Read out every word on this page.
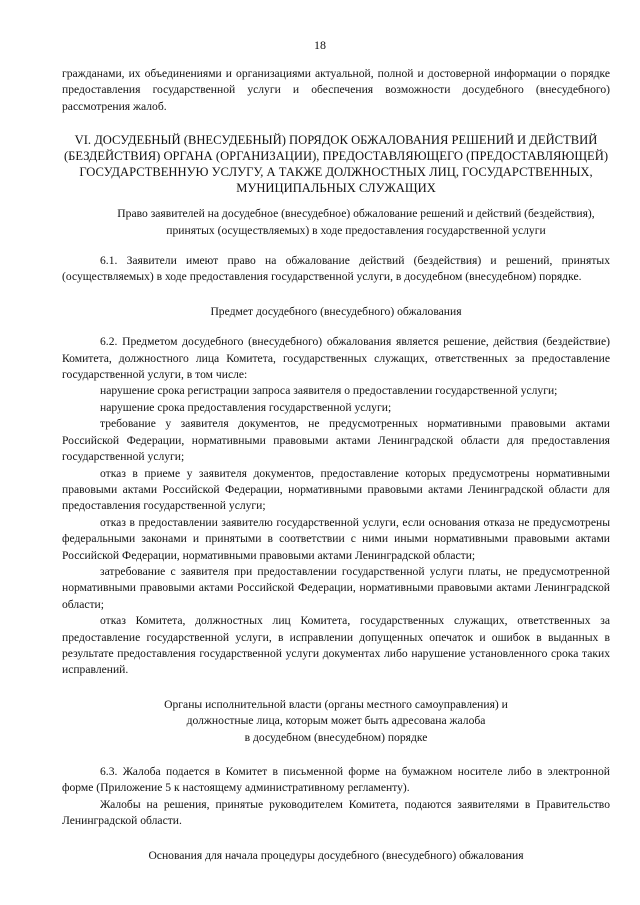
18

гражданами, их объединениями и организациями актуальной, полной и достоверной информации о порядке предоставления государственной услуги и обеспечения возможности досудебного (внесудебного) рассмотрения жалоб.

VI. ДОСУДЕБНЫЙ (ВНЕСУДЕБНЫЙ) ПОРЯДОК ОБЖАЛОВАНИЯ РЕШЕНИЙ И ДЕЙСТВИЙ (БЕЗДЕЙСТВИЯ) ОРГАНА (ОРГАНИЗАЦИИ), ПРЕДОСТАВЛЯЮЩЕГО (ПРЕДОСТАВЛЯЮЩЕЙ) ГОСУДАРСТВЕННУЮ УСЛУГУ, А ТАКЖЕ ДОЛЖНОСТНЫХ ЛИЦ, ГОСУДАРСТВЕННЫХ, МУНИЦИПАЛЬНЫХ СЛУЖАЩИХ

Право заявителей на досудебное (внесудебное) обжалование решений и действий (бездействия), принятых (осуществляемых) в ходе предоставления государственной услуги

6.1. Заявители имеют право на обжалование действий (бездействия) и решений, принятых (осуществляемых) в ходе предоставления государственной услуги, в досудебном (внесудебном) порядке.

Предмет досудебного (внесудебного) обжалования

6.2. Предметом досудебного (внесудебного) обжалования является решение, действия (бездействие) Комитета, должностного лица Комитета, государственных служащих, ответственных за предоставление государственной услуги, в том числе:

нарушение срока регистрации запроса заявителя о предоставлении государственной услуги;

нарушение срока предоставления государственной услуги;

требование у заявителя документов, не предусмотренных нормативными правовыми актами Российской Федерации, нормативными правовыми актами Ленинградской области для предоставления государственной услуги;

отказ в приеме у заявителя документов, предоставление которых предусмотрены нормативными правовыми актами Российской Федерации, нормативными правовыми актами Ленинградской области для предоставления государственной услуги;

отказ в предоставлении заявителю государственной услуги, если основания отказа не предусмотрены федеральными законами и принятыми в соответствии с ними иными нормативными правовыми актами Российской Федерации, нормативными правовыми актами Ленинградской области;

затребование с заявителя при предоставлении государственной услуги платы, не предусмотренной нормативными правовыми актами Российской Федерации, нормативными правовыми актами Ленинградской области;

отказ Комитета, должностных лиц Комитета, государственных служащих, ответственных за предоставление государственной услуги, в исправлении допущенных опечаток и ошибок в выданных в результате предоставления государственной услуги документах либо нарушение установленного срока таких исправлений.

Органы исполнительной власти (органы местного самоуправления) и

должностные лица, которым может быть адресована жалоба

в досудебном (внесудебном) порядке

6.3. Жалоба подается в Комитет в письменной форме на бумажном носителе либо в электронной форме (Приложение 5 к настоящему административному регламенту).

Жалобы на решения, принятые руководителем Комитета, подаются заявителями в Правительство Ленинградской области.

Основания для начала процедуры досудебного (внесудебного) обжалования
